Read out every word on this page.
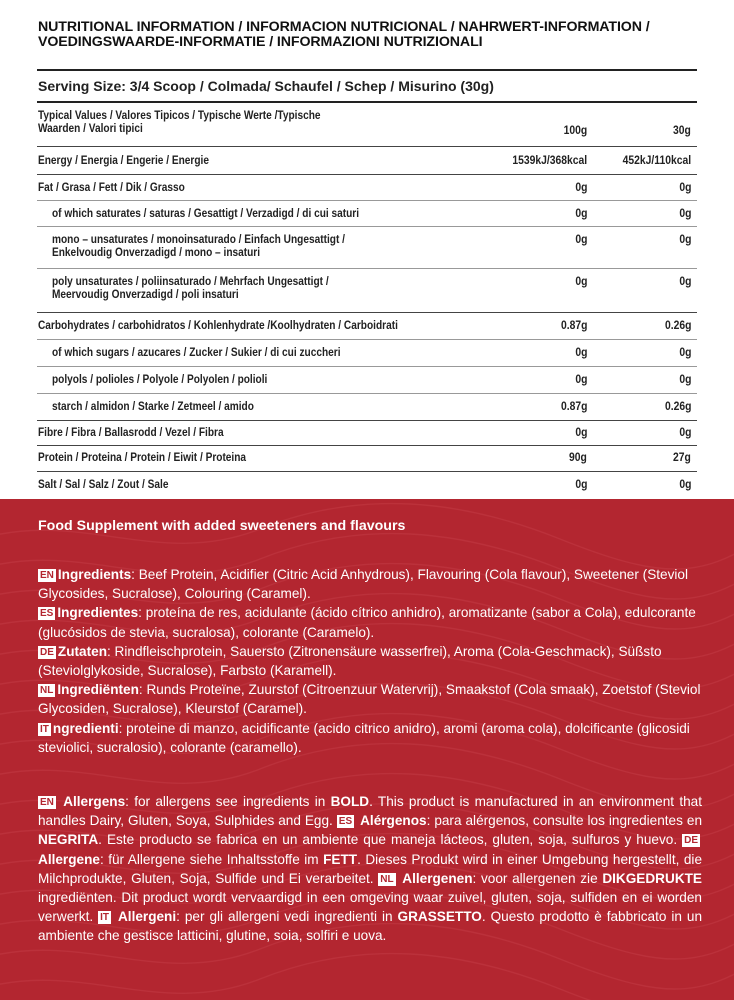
NUTRITIONAL INFORMATION / INFORMACION NUTRICIONAL / NAHRWERT-INFORMATION / VOEDINGSWAARDE-INFORMATIE / INFORMAZIONI NUTRIZIONALI
Serving Size: 3/4 Scoop / Colmada/ Schaufel / Schep / Misurino (30g)
Typical Values / Valores Tipicos / Typische Werte /Typische
Waarden / Valori tipici	100g	30g
Energy / Energia / Engerie / Energie	1539kJ/368kcal	452kJ/110kcal
Fat / Grasa / Fett / Dik / Grasso	0g	0g
of which saturates / saturas / Gesattigt / Verzadigd / di cui saturi	0g	0g
mono – unsaturates / monoinsaturado / Einfach Ungesattigt /
Enkelvoudig Onverzadigd / mono – insaturi
0g	0g
poly unsaturates / poliinsaturado / Mehrfach Ungesattigt /
Meervoudig Onverzadigd / poli insaturi
0g	0g
Carbohydrates / carbohidratos / Kohlenhydrate /Koolhydraten / Carboidrati	0.87g	0.26g
of which sugars / azucares / Zucker / Sukier / di cui zuccheri	0g	0g
polyols / polioles / Polyole / Polyolen / polioli	0g	0g
starch / almidon / Starke / Zetmeel / amido	0.87g	0.26g
Fibre / Fibra / Ballasrodd / Vezel / Fibra	0g	0g
Protein / Proteina / Protein / Eiwit / Proteina	90g	27g
Salt / Sal / Salz / Zout / Sale	0g	0g
Food Supplement with added sweeteners and flavours
EN Ingredients: Beef Protein, Acidifier (Citric Acid Anhydrous), Flavouring (Cola flavour), Sweetener (Steviol Glycosides, Sucralose), Colouring (Caramel).
ES Ingredientes: proteína de res, acidulante (ácido cítrico anhidro), aromatizante (sabor a Cola), edulcorante (glucósidos de stevia, sucralosa), colorante (Caramelo).
DE Zutaten: Rindfleischprotein, Sauersto (Zitronensäure wasserfrei), Aroma (Cola-Geschmack), Süßsto (Steviolglykoside, Sucralose), Farbsto (Karamell).
NL Ingrediënten: Runds Proteïne, Zuurstof (Citroenzuur Watervrij), Smaakstof (Cola smaak), Zoetstof (Steviol Glycosiden, Sucralose), Kleurstof (Caramel).
IT ngredienti: proteine di manzo, acidificante (acido citrico anidro), aromi (aroma cola), dolcificante (glicosidi steviolici, sucralosio), colorante (caramello).
EN Allergens: for allergens see ingredients in BOLD. This product is manufactured in an environment that handles Dairy, Gluten, Soya, Sulphides and Egg. ES Alérgenos: para alérgenos, consulte los ingredientes en NEGRITA. Este producto se fabrica en un ambiente que maneja lácteos, gluten, soja, sulfuros y huevo. DE Allergene: für Allergene siehe Inhaltsstoffe im FETT. Dieses Produkt wird in einer Umgebung hergestellt, die Milchprodukte, Gluten, Soja, Sulfide und Ei verarbeitet. NL Allergenen: voor allergenen zie DIKGEDRUKTE ingrediënten. Dit product wordt vervaardigd in een omgeving waar zuivel, gluten, soja, sulfiden en ei worden verwerkt. IT Allergeni: per gli allergeni vedi ingredienti in GRASSETTO. Questo prodotto è fabbricato in un ambiente che gestisce latticini, glutine, soia, solfiri e uova.
